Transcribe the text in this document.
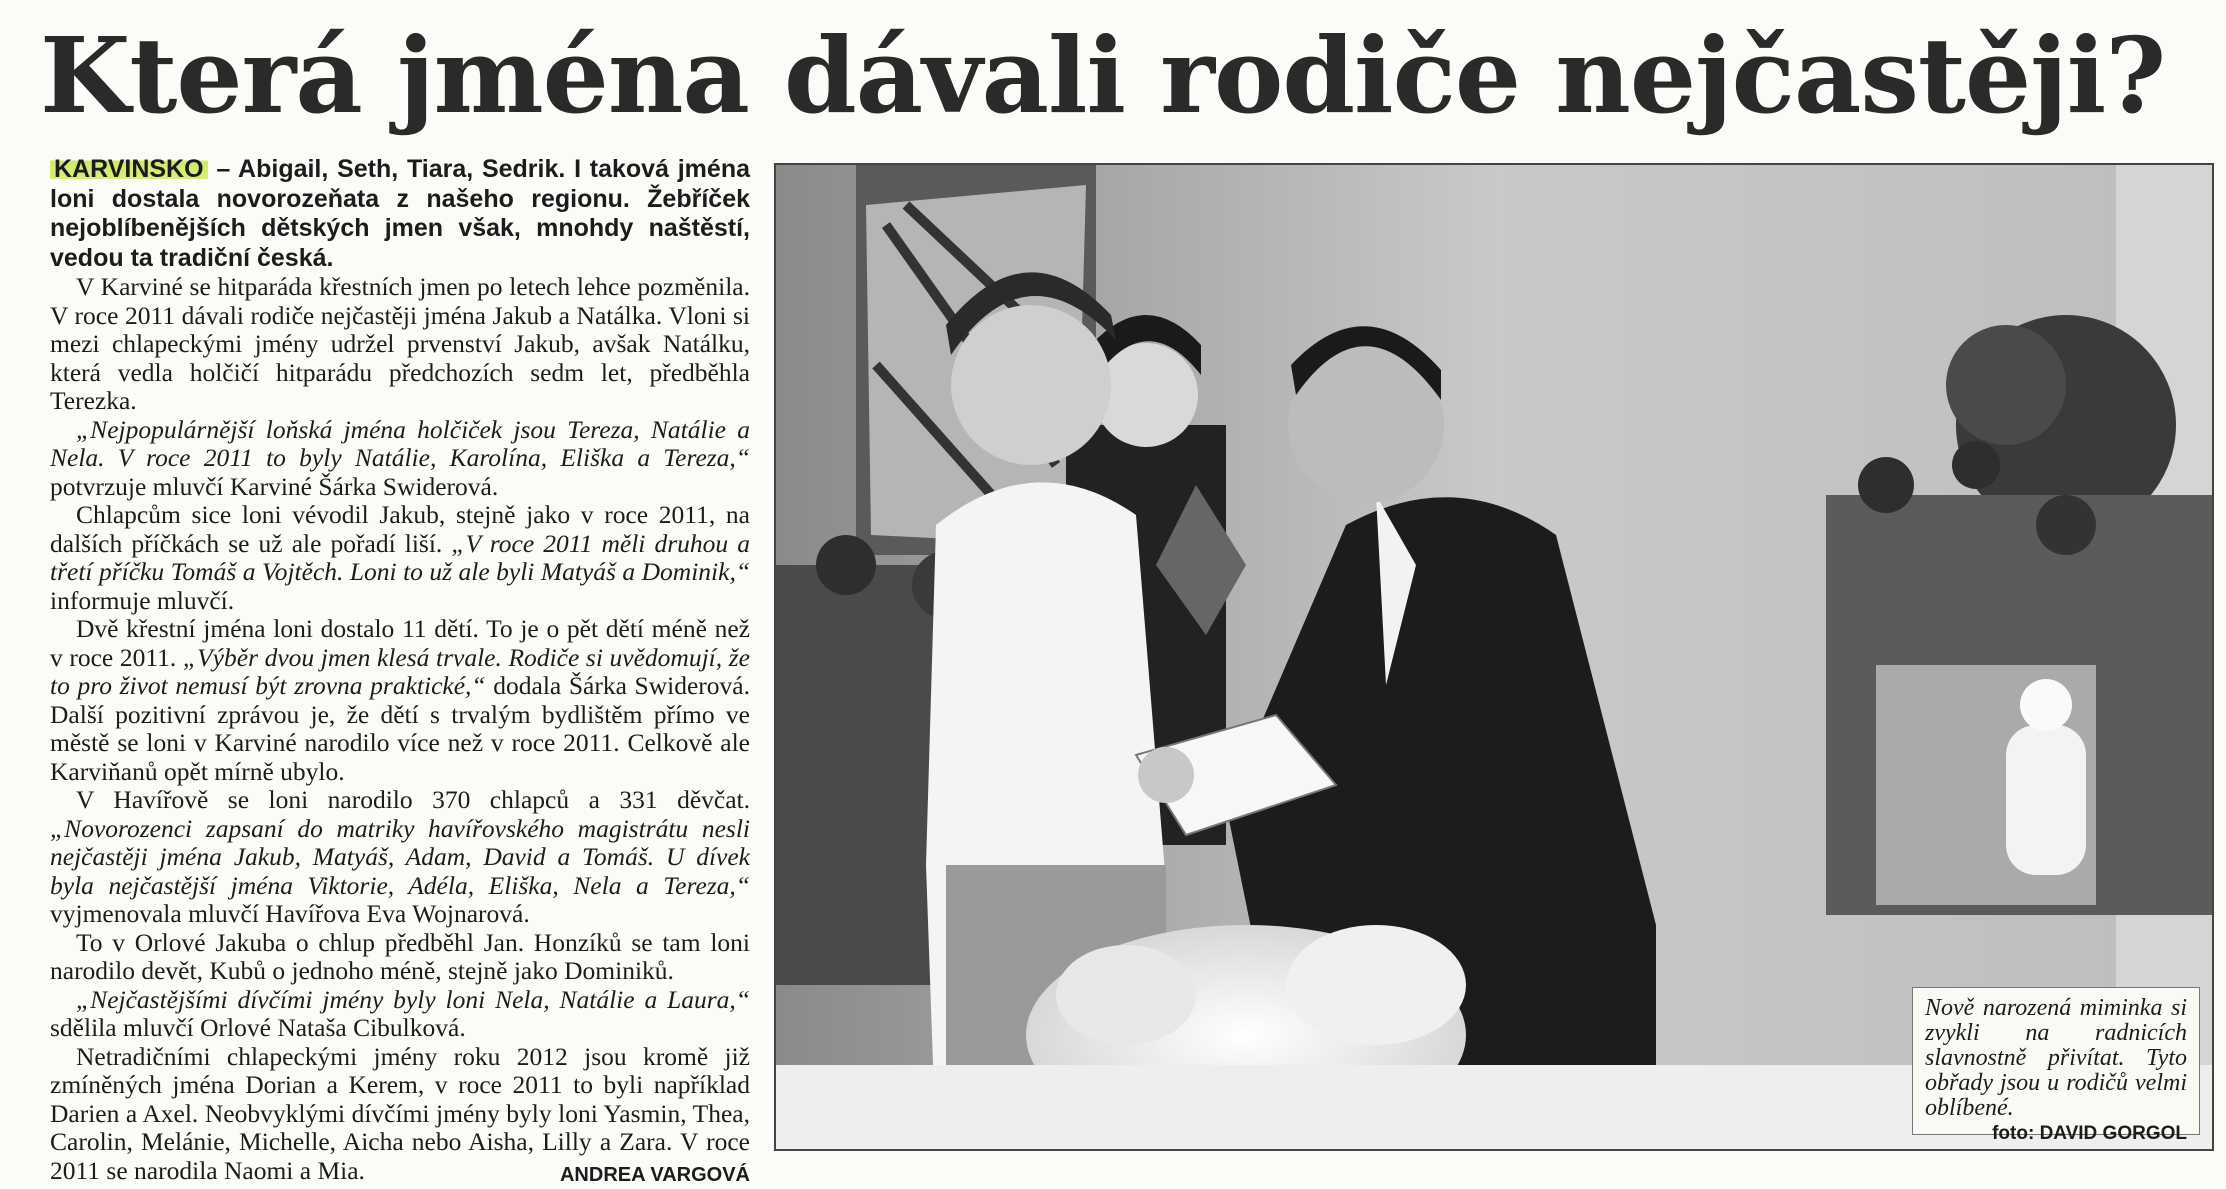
Která jména dávali rodiče nejčastěji?

KARVINSKO – Abigail, Seth, Tiara, Sedrik. I taková jména loni dostala novorozeňata z našeho regionu. Žebříček nejoblíbenějších dětských jmen však, mnohdy naštěstí, vedou ta tradiční česká.

V Karviné se hitparáda křestních jmen po letech lehce pozměnila. V roce 2011 dávali rodiče nejčastěji jména Jakub a Natálka. Vloni si mezi chlapeckými jmény udržel prvenství Jakub, avšak Natálku, která vedla holčičí hitparádu předchozích sedm let, předběhla Terezka.

„Nejpopulárnější loňská jména holčiček jsou Tereza, Natálie a Nela. V roce 2011 to byly Natálie, Karolína, Eliška a Tereza,“ potvrzuje mluvčí Karviné Šárka Swiderová.

Chlapcům sice loni vévodil Jakub, stejně jako v roce 2011, na dalších příčkách se už ale pořadí liší. „V roce 2011 měli druhou a třetí příčku Tomáš a Vojtěch. Loni to už ale byli Matyáš a Dominik,“ informuje mluvčí.

Dvě křestní jména loni dostalo 11 dětí. To je o pět dětí méně než v roce 2011. „Výběr dvou jmen klesá trvale. Rodiče si uvědomují, že to pro život nemusí být zrovna praktické,“ dodala Šárka Swiderová. Další pozitivní zprávou je, že dětí s trvalým bydlištěm přímo ve městě se loni v Karviné narodilo více než v roce 2011. Celkově ale Karviňanů opět mírně ubylo.

V Havířově se loni narodilo 370 chlapců a 331 děvčat. „Novorozenci zapsaní do matriky havířovského magistrátu nesli nejčastěji jména Jakub, Matyáš, Adam, David a Tomáš. U dívek byla nejčastější jména Viktorie, Adéla, Eliška, Nela a Tereza,“ vyjmenovala mluvčí Havířova Eva Wojnarová.

To v Orlové Jakuba o chlup předběhl Jan. Honzíků se tam loni narodilo devět, Kubů o jednoho méně, stejně jako Dominiků.

„Nejčastějšími dívčími jmény byly loni Nela, Natálie a Laura,“ sdělila mluvčí Orlové Nataša Cibulková.

Netradičními chlapeckými jmény roku 2012 jsou kromě již zmíněných jména Dorian a Kerem, v roce 2011 to byli například Darien a Axel. Neobvyklými dívčími jmény byly loni Yasmin, Thea, Carolin, Melánie, Michelle, Aicha nebo Aisha, Lilly a Zara. V roce 2011 se narodila Naomi a Mia.	ANDREA VARGOVÁ

Nově narozená miminka si zvykli na radnicích slavnostně přivítat. Tyto obřady jsou u rodičů velmi oblíbené.
foto: DAVID GORGOL
